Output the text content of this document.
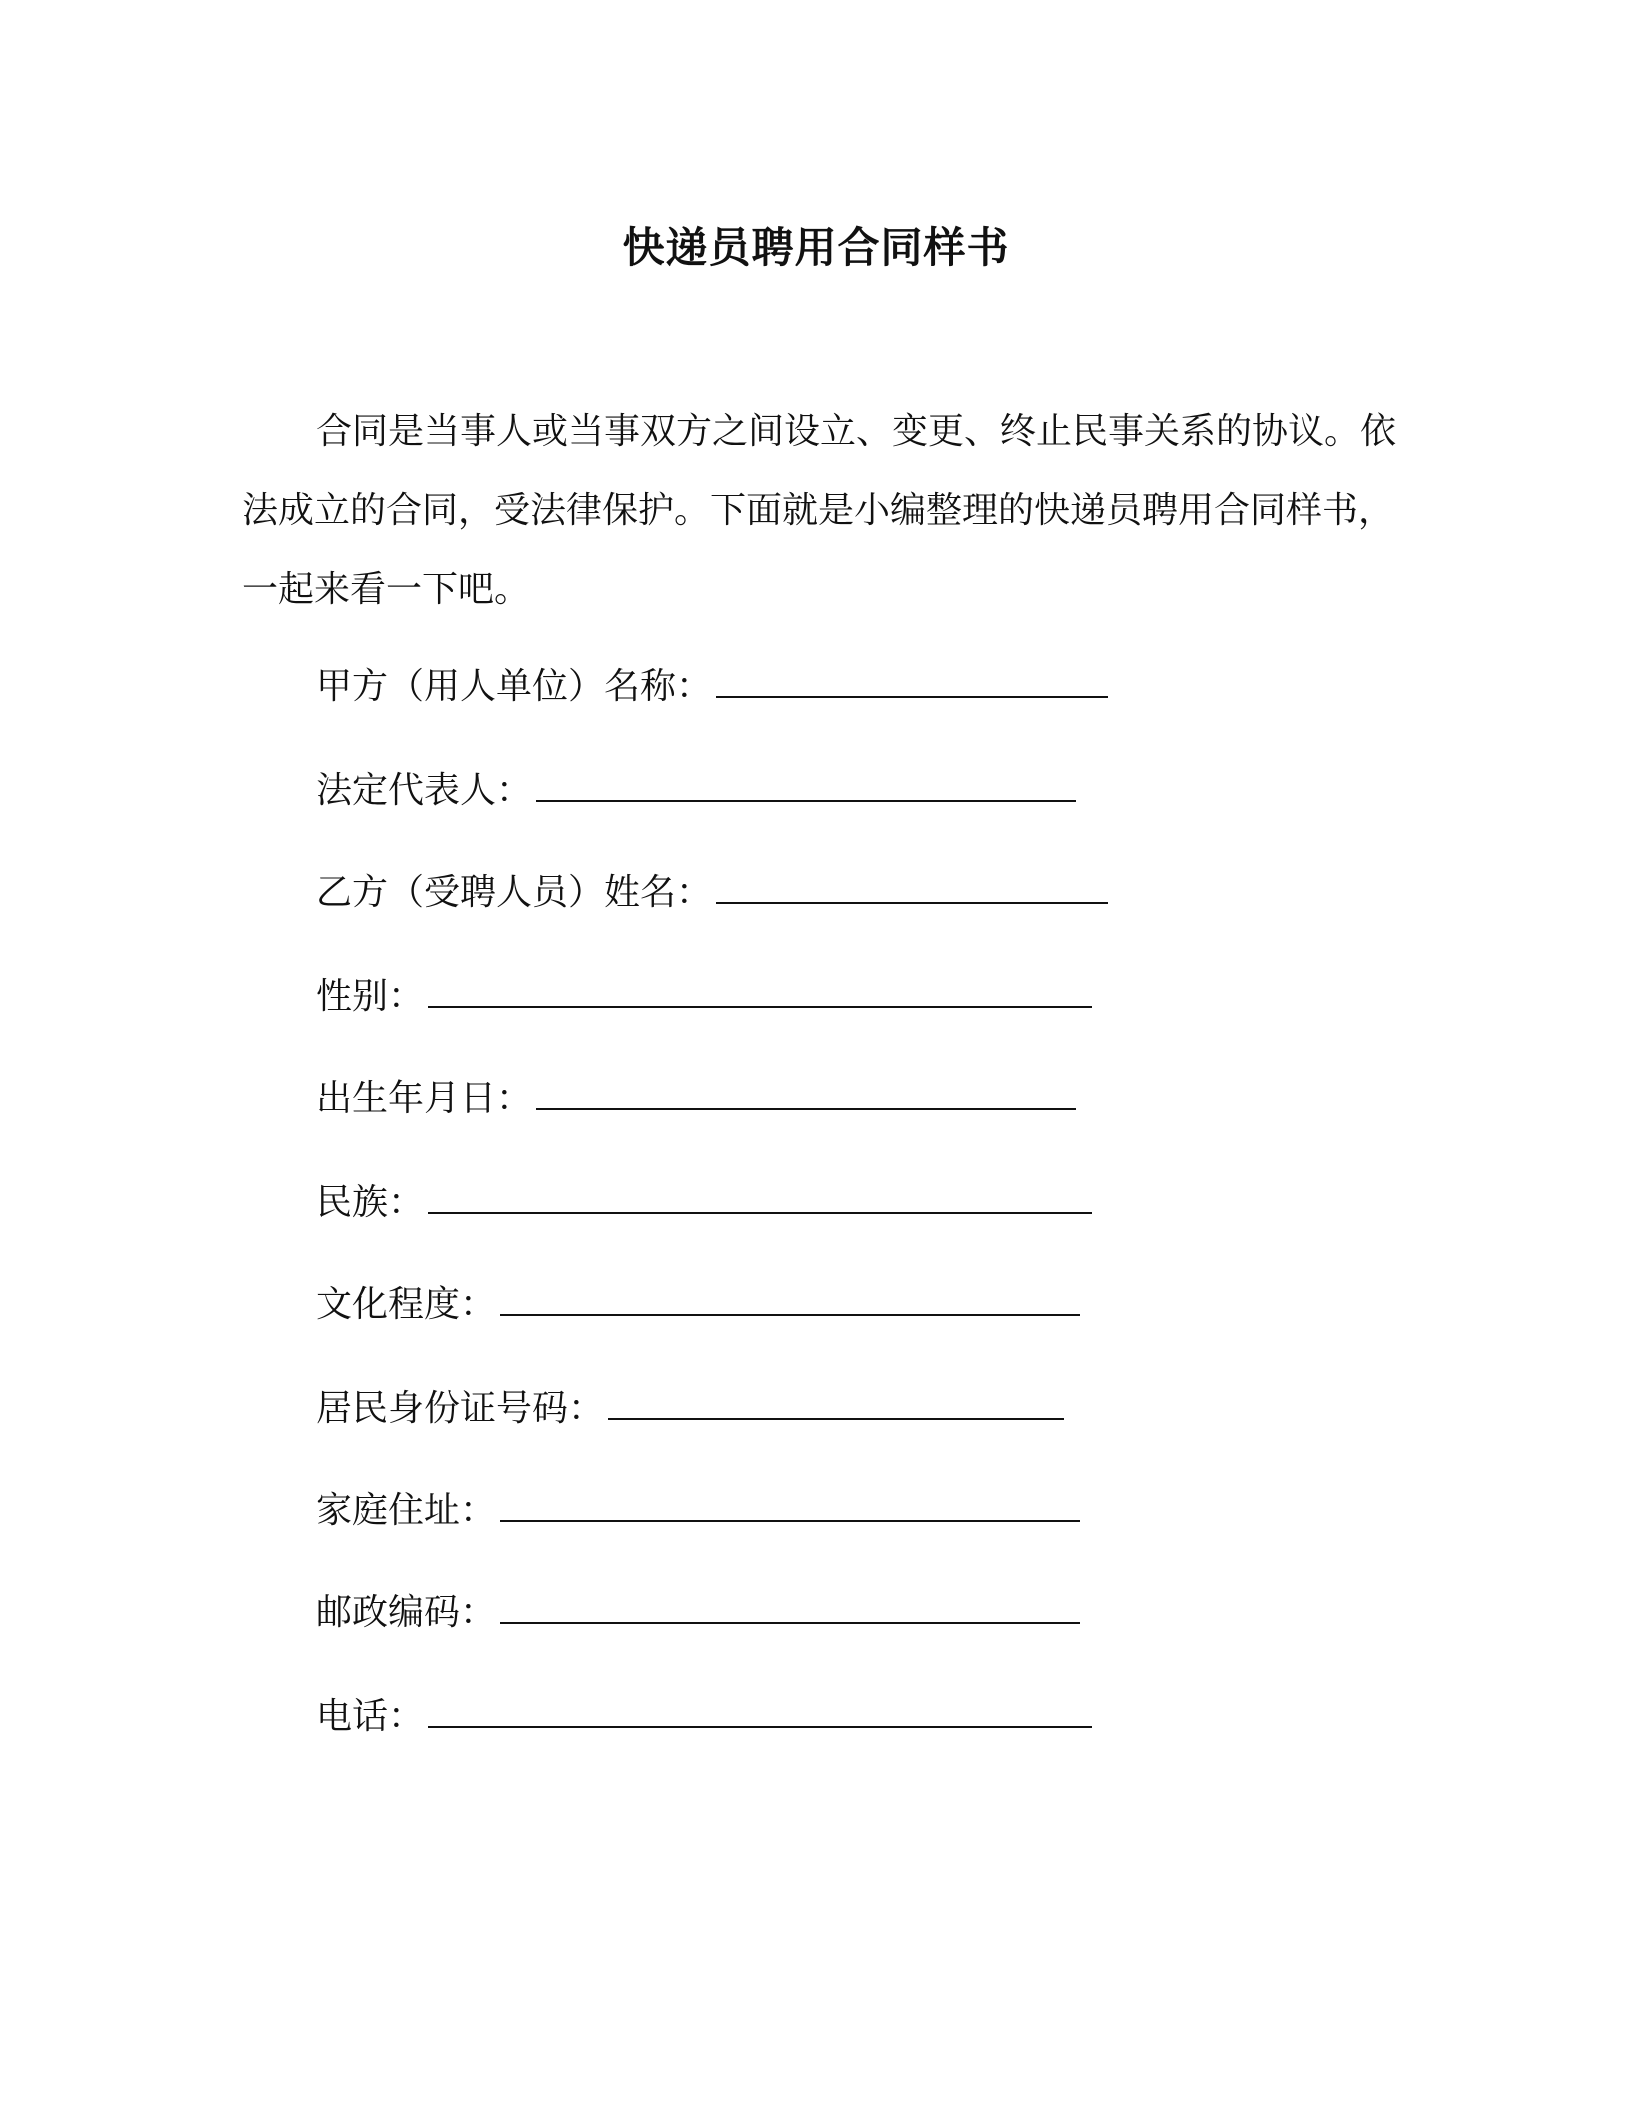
快递员聘用合同样书

合同是当事人或当事双方之间设立、变更、终止民事关系的协议。依法成立的合同，受法律保护。下面就是小编整理的快递员聘用合同样书，一起来看一下吧。

甲方（用人单位）名称：
法定代表人：
乙方（受聘人员）姓名：
性别：
出生年月日：
民族：
文化程度：
居民身份证号码：
家庭住址：
邮政编码：
电话：
